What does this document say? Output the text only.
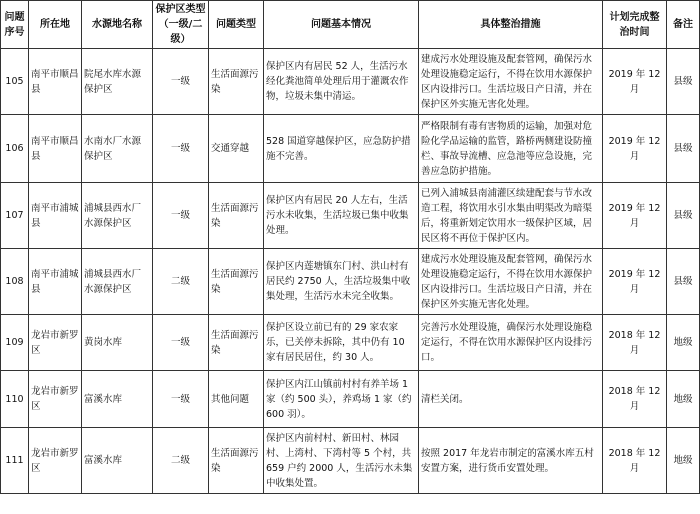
问题序号	所在地	水源地名称	保护区类型（一级/二级）	问题类型	问题基本情况	具体整治措施	计划完成整治时间	备注
105	南平市顺昌县	院尾水库水源保护区	一级	生活面源污染	保护区内有居民 52 人，生活污水经化粪池简单处理后用于灌溉农作物，垃圾未集中清运。	建成污水处理设施及配套管网，确保污水处理设施稳定运行，不得在饮用水源保护区内设排污口。生活垃圾日产日清，并在保护区外实施无害化处理。	2019 年 12 月	县级
106	南平市顺昌县	水南水厂水源保护区	一级	交通穿越	528 国道穿越保护区，应急防护措施不完善。	严格限制有毒有害物质的运输，加强对危险化学品运输的监管，路桥两侧建设防撞栏、事故导流槽、应急池等应急设施，完善应急防护措施。	2019 年 12 月	县级
107	南平市浦城县	浦城县西水厂水源保护区	一级	生活面源污染	保护区内有居民 20 人左右，生活污水未收集，生活垃圾已集中收集处理。	已列入浦城县南浦灌区续建配套与节水改造工程，将饮用水引水集由明渠改为暗渠后，将重新划定饮用水一级保护区域，居民区将不再位于保护区内。	2019 年 12 月	县级
108	南平市浦城县	浦城县西水厂水源保护区	二级	生活面源污染	保护区内莲塘镇东门村、洪山村有居民约 2750 人，生活垃圾集中收集处理，生活污水未完全收集。	建成污水处理设施及配套管网，确保污水处理设施稳定运行，不得在饮用水源保护区内设排污口。生活垃圾日产日清，并在保护区外实施无害化处理。	2019 年 12 月	县级
109	龙岩市新罗区	黄岗水库	一级	生活面源污染	保护区设立前已有的 29 家农家乐，已关停未拆除，其中仍有 10 家有居民居住，约 30 人。	完善污水处理设施，确保污水处理设施稳定运行，不得在饮用水源保护区内设排污口。	2018 年 12 月	地级
110	龙岩市新罗区	富溪水库	一级	其他问题	保护区内江山镇前村村有养羊场 1 家（约 500 头），养鸡场 1 家（约 600 羽）。	清栏关闭。	2018 年 12 月	地级
111	龙岩市新罗区	富溪水库	二级	生活面源污染	保护区内前村村、新田村、林园村、上湾村、下湾村等 5 个村，共 659 户约 2000 人，生活污水未集中收集处置。	按照 2017 年龙岩市制定的富溪水库五村安置方案，进行货币安置处理。	2018 年 12 月	地级
